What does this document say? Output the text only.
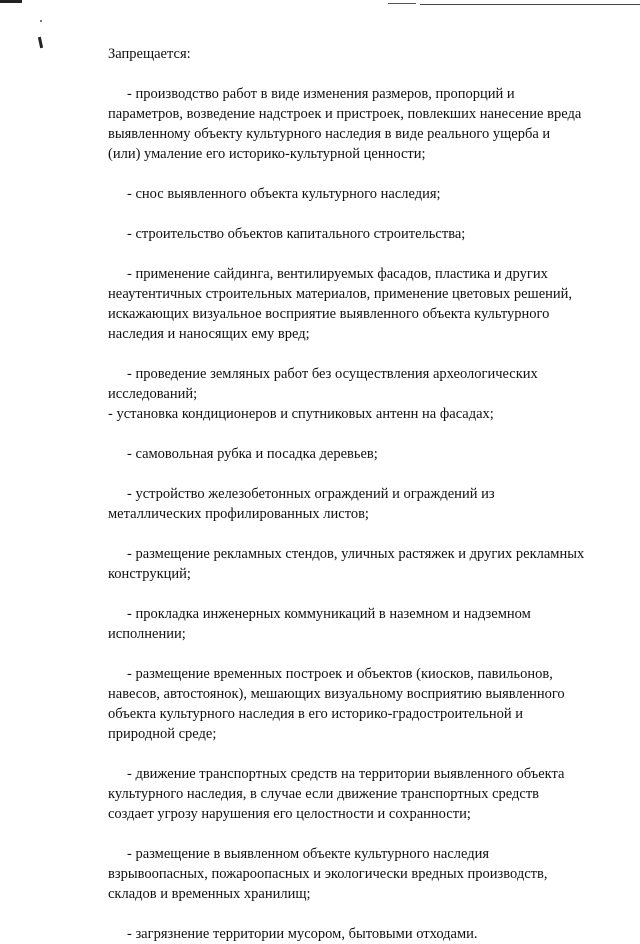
Запрещается:
- производство работ в виде изменения размеров, пропорций и
параметров, возведение надстроек и пристроек, повлекших нанесение вреда
выявленному объекту культурного наследия в виде реального ущерба и
(или) умаление его историко-культурной ценности;
- снос выявленного объекта культурного наследия;
- строительство объектов капитального строительства;
- применение сайдинга, вентилируемых фасадов, пластика и других
неаутентичных строительных материалов, применение цветовых решений,
искажающих визуальное восприятие выявленного объекта культурного
наследия и наносящих ему вред;
- проведение земляных работ без осуществления археологических
исследований;
- установка кондиционеров и спутниковых антенн на фасадах;
- самовольная рубка и посадка деревьев;
- устройство железобетонных ограждений и ограждений из
металлических профилированных листов;
- размещение рекламных стендов, уличных растяжек и других рекламных
конструкций;
- прокладка инженерных коммуникаций в наземном и надземном
исполнении;
- размещение временных построек и объектов (киосков, павильонов,
навесов, автостоянок), мешающих визуальному восприятию выявленного
объекта культурного наследия в его историко-градостроительной и
природной среде;
- движение транспортных средств на территории выявленного объекта
культурного наследия, в случае если движение транспортных средств
создает угрозу нарушения его целостности и сохранности;
- размещение в выявленном объекте культурного наследия
взрывоопасных, пожароопасных и экологически вредных производств,
складов и временных хранилищ;
- загрязнение территории мусором, бытовыми отходами.
